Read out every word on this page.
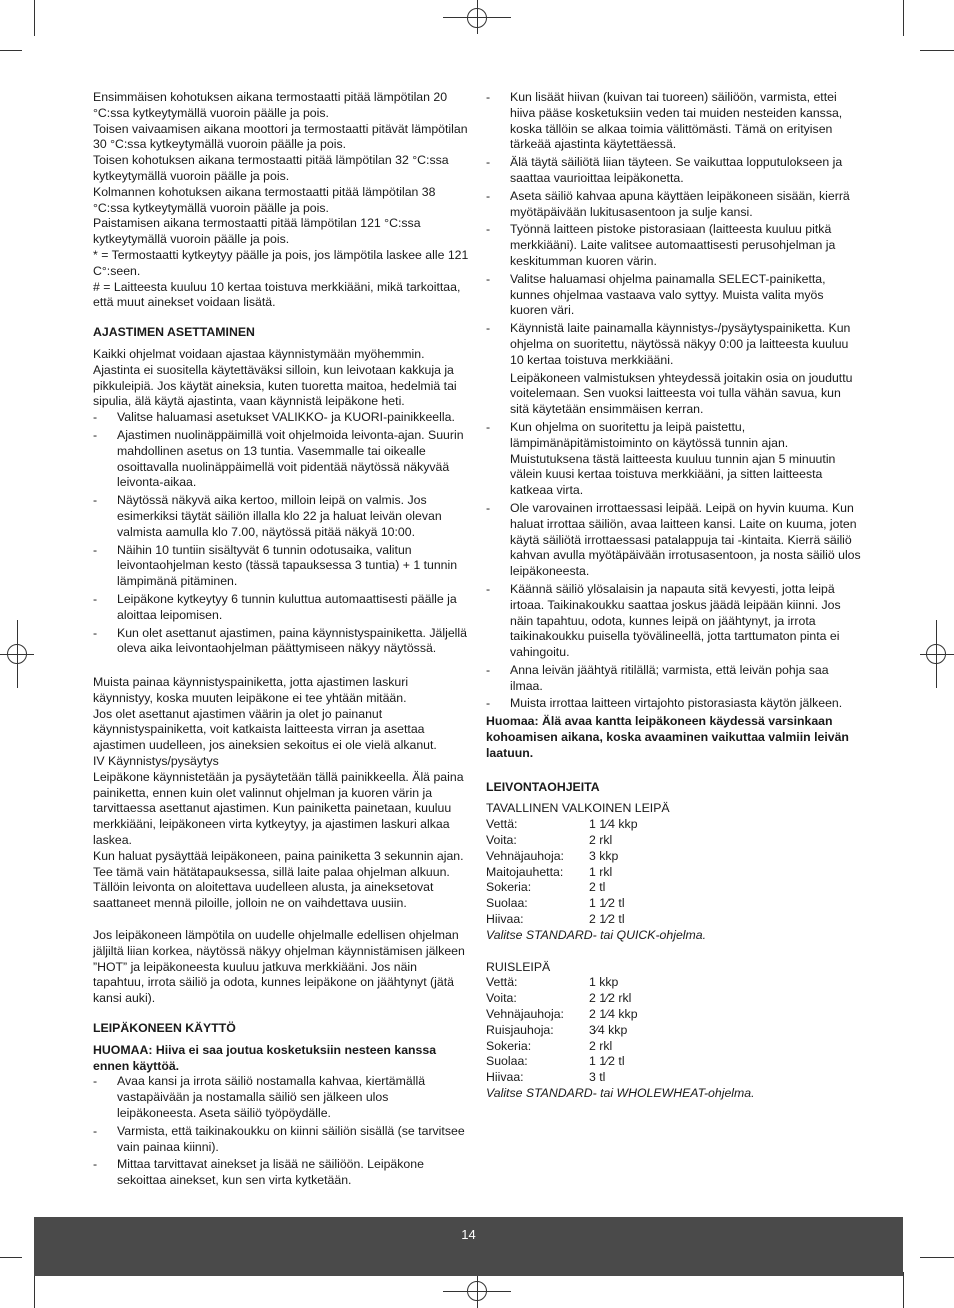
Ensimmäisen kohotuksen aikana termostaatti pitää lämpötilan 20 °C:ssa kytkeytymällä vuoroin päälle ja pois.

Toisen vaivaamisen aikana moottori ja termostaatti pitävät lämpötilan 30 °C:ssa kytkeytymällä vuoroin päälle ja pois.

Toisen kohotuksen aikana termostaatti pitää lämpötilan 32 °C:ssa kytkeytymällä vuoroin päälle ja pois.

Kolmannen kohotuksen aikana termostaatti pitää lämpötilan 38 °C:ssa kytkeytymällä vuoroin päälle ja pois.

Paistamisen aikana termostaatti pitää lämpötilan 121 °C:ssa kytkeytymällä vuoroin päälle ja pois.

* = Termostaatti kytkeytyy päälle ja pois, jos lämpötila laskee alle 121 C°:seen.

# = Laitteesta kuuluu 10 kertaa toistuva merkkiääni, mikä tarkoittaa, että muut ainekset voidaan lisätä.

AJASTIMEN ASETTAMINEN

Kaikki ohjelmat voidaan ajastaa käynnistymään myöhemmin. Ajastinta ei suositella käytettäväksi silloin, kun leivotaan kakkuja ja pikkuleipiä. Jos käytät aineksia, kuten tuoretta maitoa, hedelmiä tai sipulia, älä käytä ajastinta, vaan käynnistä leipäkone heti.

- Valitse haluamasi asetukset VALIKKO- ja KUORI-painikkeella.
- Ajastimen nuolinäppäimillä voit ohjelmoida leivonta-ajan. Suurin mahdollinen asetus on 13 tuntia. Vasemmalle tai oikealle osoittavalla nuolinäppäimellä voit pidentää näytössä näkyvää leivonta-aikaa.
- Näytössä näkyvä aika kertoo, milloin leipä on valmis. Jos esimerkiksi täytät säiliön illalla klo 22 ja haluat leivän olevan valmista aamulla klo 7.00, näytössä pitää näkyä 10:00.
- Näihin 10 tuntiin sisältyvät 6 tunnin odotusaika, valitun leivontaohjelman kesto (tässä tapauksessa 3 tuntia) + 1 tunnin lämpimänä pitäminen.
- Leipäkone kytkeytyy 6 tunnin kuluttua automaattisesti päälle ja aloittaa leipomisen.
- Kun olet asettanut ajastimen, paina käynnistyspainiketta. Jäljellä oleva aika leivontaohjelman päättymiseen näkyy näytössä.

Muista painaa käynnistyspainiketta, jotta ajastimen laskuri käynnistyy, koska muuten leipäkone ei tee yhtään mitään.

Jos olet asettanut ajastimen väärin ja olet jo painanut käynnistyspainiketta, voit katkaista laitteesta virran ja asettaa ajastimen uudelleen, jos aineksien sekoitus ei ole vielä alkanut.

IV Käynnistys/pysäytys

Leipäkone käynnistetään ja pysäytetään tällä painikkeella. Älä paina painiketta, ennen kuin olet valinnut ohjelman ja kuoren värin ja tarvittaessa asettanut ajastimen. Kun painiketta painetaan, kuuluu merkkiääni, leipäkoneen virta kytkeytyy, ja ajastimen laskuri alkaa laskea.

Kun haluat pysäyttää leipäkoneen, paina painiketta 3 sekunnin ajan. Tee tämä vain hätätapauksessa, sillä laite palaa ohjelman alkuun. Tällöin leivonta on aloitettava uudelleen alusta, ja aineksetovat saattaneet mennä piloille, jolloin ne on vaihdettava uusiin.

Jos leipäkoneen lämpötila on uudelle ohjelmalle edellisen ohjelman jäljiltä liian korkea, näytössä näkyy ohjelman käynnistämisen jälkeen ”HOT” ja leipäkoneesta kuuluu jatkuva merkkiääni. Jos näin tapahtuu, irrota säiliö ja odota, kunnes leipäkone on jäähtynyt (jätä kansi auki).

LEIPÄKONEEN KÄYTTÖ

HUOMAA: Hiiva ei saa joutua kosketuksiin nesteen kanssa ennen käyttöä.

- Avaa kansi ja irrota säiliö nostamalla kahvaa, kiertämällä vastapäivään ja nostamalla säiliö sen jälkeen ulos leipäkoneesta. Aseta säiliö työpöydälle.
- Varmista, että taikinakoukku on kiinni säiliön sisällä (se tarvitsee vain painaa kiinni).
- Mittaa tarvittavat ainekset ja lisää ne säiliöön. Leipäkone sekoittaa ainekset, kun sen virta kytketään.
- Kun lisäät hiivan (kuivan tai tuoreen) säiliöön, varmista, ettei hiiva pääse kosketuksiin veden tai muiden nesteiden kanssa, koska tällöin se alkaa toimia välittömästi. Tämä on erityisen tärkeää ajastinta käytettäessä.
- Älä täytä säiliötä liian täyteen. Se vaikuttaa lopputulokseen ja saattaa vaurioittaa leipäkonetta.
- Aseta säiliö kahvaa apuna käyttäen leipäkoneen sisään, kierrä myötäpäivään lukitusasentoon ja sulje kansi.
- Työnnä laitteen pistoke pistorasiaan (laitteesta kuuluu pitkä merkkiääni). Laite valitsee automaattisesti perusohjelman ja keskitumman kuoren värin.
- Valitse haluamasi ohjelma painamalla SELECT-painiketta, kunnes ohjelmaa vastaava valo syttyy. Muista valita myös kuoren väri.
- Käynnistä laite painamalla käynnistys-/pysäytyspainiketta. Kun ohjelma on suoritettu, näytössä näkyy 0:00 ja laitteesta kuuluu 10 kertaa toistuva merkkiääni.

Leipäkoneen valmistuksen yhteydessä joitakin osia on jouduttu voitelemaan. Sen vuoksi laitteesta voi tulla vähän savua, kun sitä käytetään ensimmäisen kerran.

- Kun ohjelma on suoritettu ja leipä paistettu, lämpimänäpitämistoiminto on käytössä tunnin ajan. Muistutuksena tästä laitteesta kuuluu tunnin ajan 5 minuutin välein kuusi kertaa toistuva merkkiääni, ja sitten laitteesta katkeaa virta.
- Ole varovainen irrottaessasi leipää. Leipä on hyvin kuuma. Kun haluat irrottaa säiliön, avaa laitteen kansi. Laite on kuuma, joten käytä säiliötä irrottaessasi patalappuja tai -kintaita. Kierrä säiliö kahvan avulla myötäpäivään irrotusasentoon, ja nosta säiliö ulos leipäkoneesta.
- Käännä säiliö ylösalaisin ja napauta sitä kevyesti, jotta leipä irtoaa. Taikinakoukku saattaa joskus jäädä leipään kiinni. Jos näin tapahtuu, odota, kunnes leipä on jäähtynyt, ja irrota taikinakoukku puisella työvälineellä, jotta tarttumaton pinta ei vahingoitu.
- Anna leivän jäähtyä ritilällä; varmista, että leivän pohja saa ilmaa.
- Muista irrottaa laitteen virtajohto pistorasiasta käytön jälkeen.

Huomaa: Älä avaa kantta leipäkoneen käydessä varsinkaan kohoamisen aikana, koska avaaminen vaikuttaa valmiin leivän laatuun.

LEIVONTAOHJEITA

TAVALLINEN VALKOINEN LEIPÄ

Vettä:	1 1⁄4 kkp
Voita:	2 rkl
Vehnäjauhoja:	3 kkp
Maitojauhetta:	1 rkl
Sokeria:	2 tl
Suolaa:	1 1⁄2 tl
Hiivaa:	2 1⁄2 tl

Valitse STANDARD- tai QUICK-ohjelma.

RUISLEIPÄ

Vettä:	1 kkp
Voita:	2 1⁄2 rkl
Vehnäjauhoja:	2 1⁄4 kkp
Ruisjauhoja:	3⁄4 kkp
Sokeria:	2 rkl
Suolaa:	1 1⁄2 tl
Hiivaa:	3 tl

Valitse STANDARD- tai WHOLEWHEAT-ohjelma.

14
